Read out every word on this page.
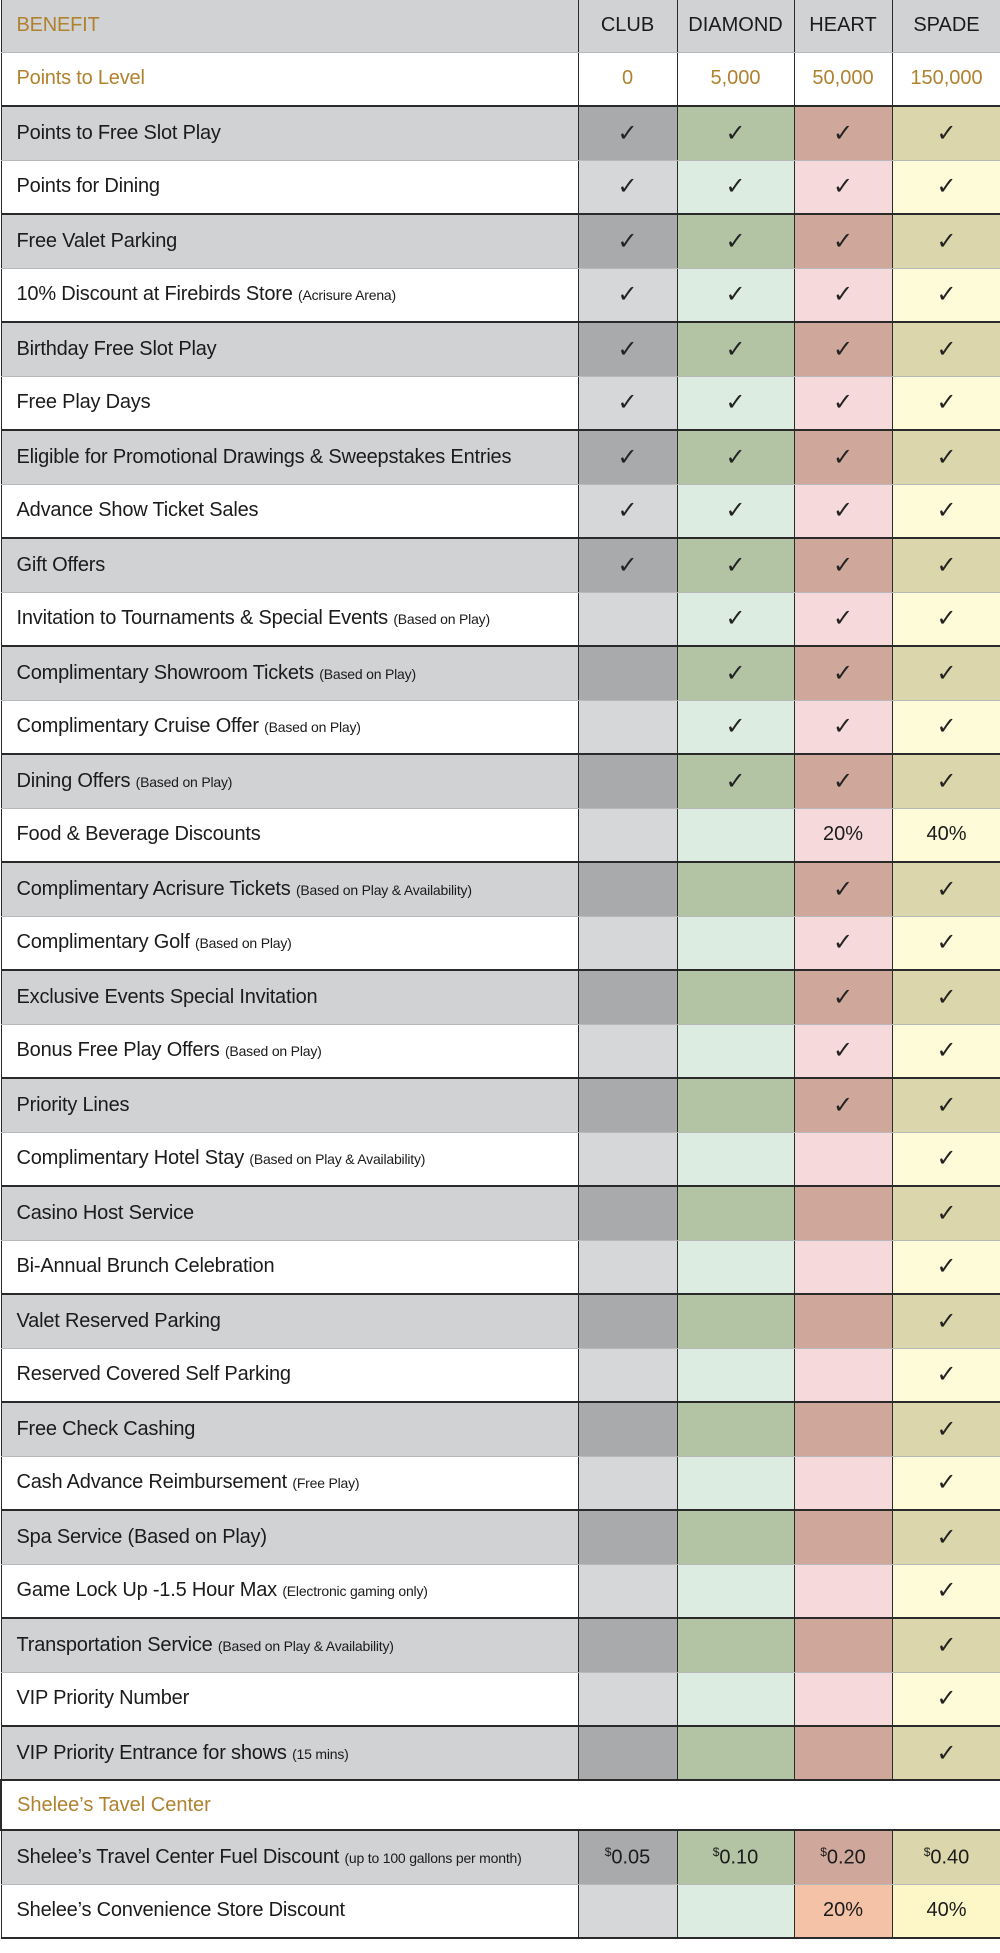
BENEFIT	CLUB	DIAMOND	HEART	SPADE
Points to Level	0	5,000	50,000	150,000
Points to Free Slot Play	✓	✓	✓	✓
Points for Dining	✓	✓	✓	✓
Free Valet Parking	✓	✓	✓	✓
10% Discount at Firebirds Store (Acrisure Arena)	✓	✓	✓	✓
Birthday Free Slot Play	✓	✓	✓	✓
Free Play Days	✓	✓	✓	✓
Eligible for Promotional Drawings & Sweepstakes Entries	✓	✓	✓	✓
Advance Show Ticket Sales	✓	✓	✓	✓
Gift Offers	✓	✓	✓	✓
Invitation to Tournaments & Special Events (Based on Play)		✓	✓	✓
Complimentary Showroom Tickets (Based on Play)		✓	✓	✓
Complimentary Cruise Offer (Based on Play)		✓	✓	✓
Dining Offers (Based on Play)		✓	✓	✓
Food & Beverage Discounts			20%	40%
Complimentary Acrisure Tickets (Based on Play & Availability)			✓	✓
Complimentary Golf (Based on Play)			✓	✓
Exclusive Events Special Invitation			✓	✓
Bonus Free Play Offers (Based on Play)			✓	✓
Priority Lines			✓	✓
Complimentary Hotel Stay (Based on Play & Availability)				✓
Casino Host Service				✓
Bi-Annual Brunch Celebration				✓
Valet Reserved Parking				✓
Reserved Covered Self Parking				✓
Free Check Cashing				✓
Cash Advance Reimbursement (Free Play)				✓
Spa Service (Based on Play)				✓
Game Lock Up -1.5 Hour Max (Electronic gaming only)				✓
Transportation Service (Based on Play & Availability)				✓
VIP Priority Number				✓
VIP Priority Entrance for shows (15 mins)				✓
Shelee’s Tavel Center				
Shelee’s Travel Center Fuel Discount (up to 100 gallons per month)	$0.05	$0.10	$0.20	$0.40
Shelee’s Convenience Store Discount			20%	40%
